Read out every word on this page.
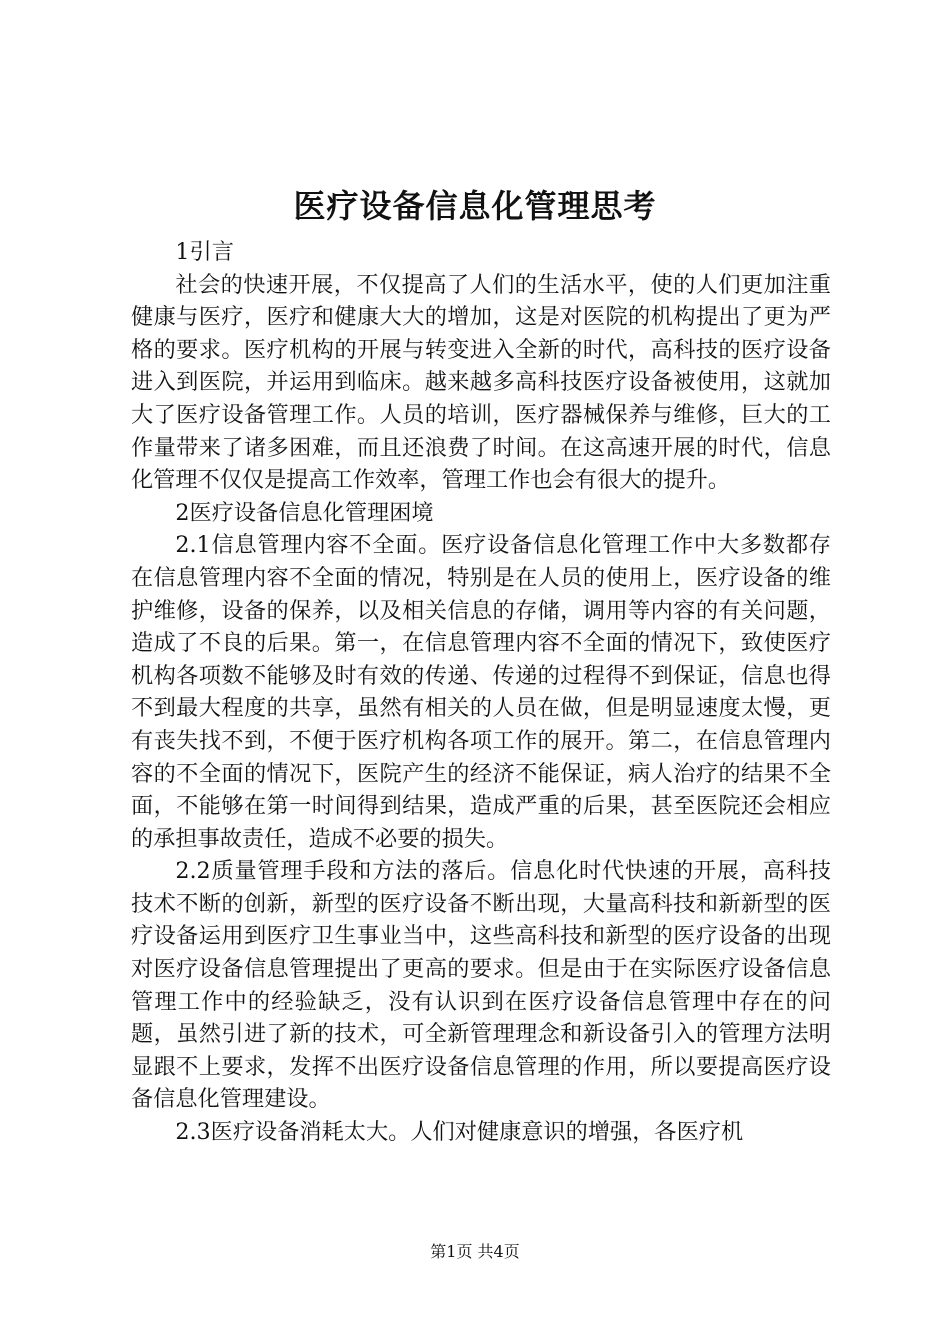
医疗设备信息化管理思考

1引言

社会的快速开展，不仅提高了人们的生活水平，使的人们更加注重健康与医疗，医疗和健康大大的增加，这是对医院的机构提出了更为严格的要求。医疗机构的开展与转变进入全新的时代，高科技的医疗设备进入到医院，并运用到临床。越来越多高科技医疗设备被使用，这就加大了医疗设备管理工作。人员的培训，医疗器械保养与维修，巨大的工作量带来了诸多困难，而且还浪费了时间。在这高速开展的时代，信息化管理不仅仅是提高工作效率，管理工作也会有很大的提升。

2医疗设备信息化管理困境

2.1信息管理内容不全面。医疗设备信息化管理工作中大多数都存在信息管理内容不全面的情况，特别是在人员的使用上，医疗设备的维护维修，设备的保养，以及相关信息的存储，调用等内容的有关问题，造成了不良的后果。第一，在信息管理内容不全面的情况下，致使医疗机构各项数不能够及时有效的传递、传递的过程得不到保证，信息也得不到最大程度的共享，虽然有相关的人员在做，但是明显速度太慢，更有丧失找不到，不便于医疗机构各项工作的展开。第二，在信息管理内容的不全面的情况下，医院产生的经济不能保证，病人治疗的结果不全面，不能够在第一时间得到结果，造成严重的后果，甚至医院还会相应的承担事故责任，造成不必要的损失。

2.2质量管理手段和方法的落后。信息化时代快速的开展，高科技技术不断的创新，新型的医疗设备不断出现，大量高科技和新新型的医疗设备运用到医疗卫生事业当中，这些高科技和新型的医疗设备的出现对医疗设备信息管理提出了更高的要求。但是由于在实际医疗设备信息管理工作中的经验缺乏，没有认识到在医疗设备信息管理中存在的问题，虽然引进了新的技术，可全新管理理念和新设备引入的管理方法明显跟不上要求，发挥不出医疗设备信息管理的作用，所以要提高医疗设备信息化管理建设。

2.3医疗设备消耗太大。人们对健康意识的增强，各医疗机

第1页 共4页
